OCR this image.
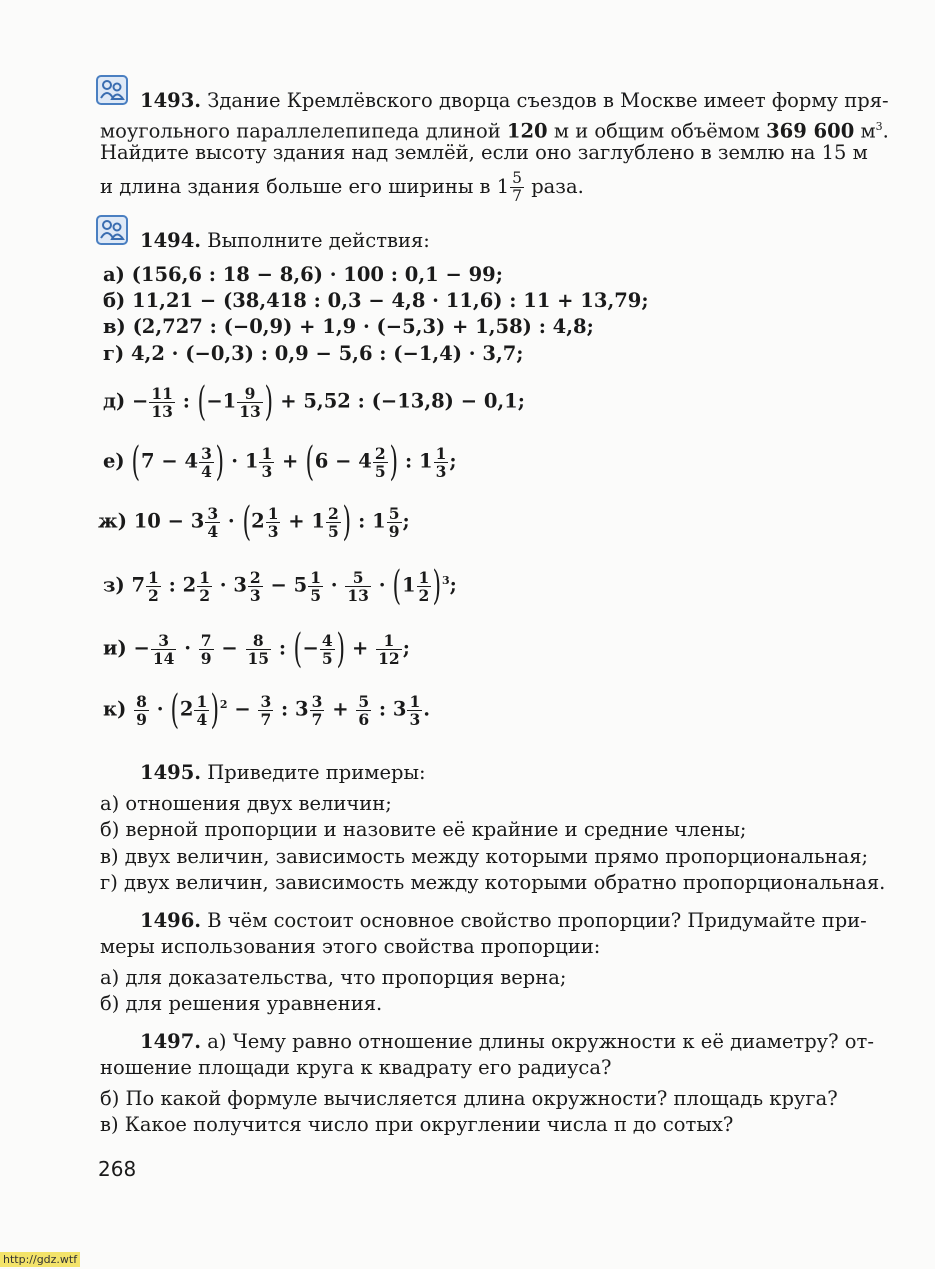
1493. Здание Кремлёвского дворца съездов в Москве имеет форму пря-
моугольного параллелепипеда длиной 120 м и общим объёмом 369 600 $м^3$.
Найдите высоту здания над землёй, если оно заглублено в землю на 15 м
и длина здания больше его ширины в $1 \frac{5}{7}$ раза.
1494. Выполните действия:
а) (156,6 : 18 − 8,6) · 100 : 0,1 − 99;
б) 11,21 − (38,418 : 0,3 − 4,8 · 11,6) : 11 + 13,79;
в) (2,727 : (−0,9) + 1,9 · (−5,3) + 1,58) : 4,8;
г) 4,2 · (−0,3) : 0,9 − 5,6 : (−1,4) · 3,7;
$д) - \frac{11}{13}$ : ($-1 \frac{9}{13}$ ) + 5,52 : (−13,8) − 0,1;
е) ($7 - 4 \frac{3}{4}$ ) · $1 \frac{1}{3} + (6 - 4 \frac{2}{5}$ ) : $1 \frac{1}{3}$ ;
ж) $10 - 3 \frac{3}{4} \cdot (2 \frac{1}{3} + 1 \frac{2}{5}$ ) : $1 \frac{5}{9}$ ;
з) $7 \frac{1}{2}$ : $2 \frac{1}{2} \cdot 3 \frac{2}{3} - 5 \frac{1}{5} \cdot \frac{5}{13} \cdot (1 \frac{1}{2} )^3$;
$и) - \frac{3}{14} \cdot \frac{7}{9} - \frac{8}{15}$ : (− $\frac{4}{5}$ ) + $\frac{1}{12}$ ;
$к) \frac{8}{9} \cdot (2 \frac{1}{4} )^2 - \frac{3}{7}$ : $3 \frac{3}{7} + \frac{5}{6}$ : $3 \frac{1}{3}$ .
1495. Приведите примеры:
а) отношения двух величин;
б) верной пропорции и назовите её крайние и средние члены;
в) двух величин, зависимость между которыми прямо пропорциональная;
г) двух величин, зависимость между которыми обратно пропорциональная.
1496. В чём состоит основное свойство пропорции? Придумайте при-
меры использования этого свойства пропорции:
а) для доказательства, что пропорция верна;
б) для решения уравнения.
1497. а) Чему равно отношение длины окружности к её диаметру? от-
ношение площади круга к квадрату его радиуса?
б) По какой формуле вычисляется длина окружности? площадь круга?
в) Какое получится число при округлении числа π до сотых?
268
http://gdz.wtf
